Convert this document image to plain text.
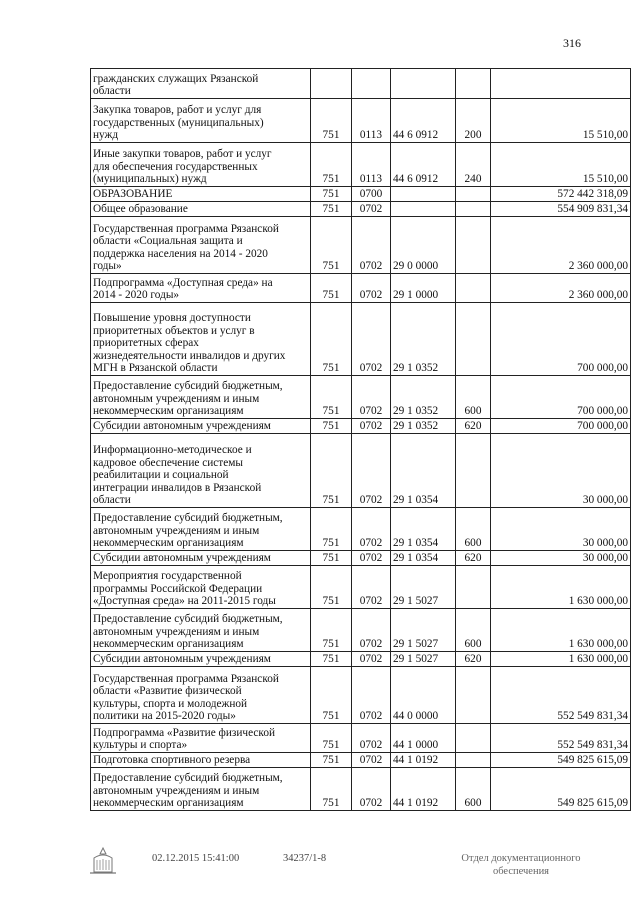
316
гражданских служащих Рязанской
области					
Закупка товаров, работ и услуг для
государственных (муниципальных)
нужд	751	0113	44 6 0912	200	15 510,00
Иные закупки товаров, работ и услуг
для обеспечения государственных
(муниципальных) нужд	751	0113	44 6 0912	240	15 510,00
ОБРАЗОВАНИЕ	751	0700			572 442 318,09
Общее образование	751	0702			554 909 831,34
Государственная программа Рязанской
области «Социальная защита и
поддержка населения на 2014 - 2020
годы»	751	0702	29 0 0000		2 360 000,00
Подпрограмма «Доступная среда» на
2014 - 2020 годы»	751	0702	29 1 0000		2 360 000,00
Повышение уровня доступности
приоритетных объектов и услуг в
приоритетных сферах
жизнедеятельности инвалидов и других
МГН в Рязанской области	751	0702	29 1 0352		700 000,00
Предоставление субсидий бюджетным,
автономным учреждениям и иным
некоммерческим организациям	751	0702	29 1 0352	600	700 000,00
Субсидии автономным учреждениям	751	0702	29 1 0352	620	700 000,00
Информационно-методическое и
кадровое обеспечение системы
реабилитации и социальной
интеграции инвалидов в Рязанской
области	751	0702	29 1 0354		30 000,00
Предоставление субсидий бюджетным,
автономным учреждениям и иным
некоммерческим организациям	751	0702	29 1 0354	600	30 000,00
Субсидии автономным учреждениям	751	0702	29 1 0354	620	30 000,00
Мероприятия государственной
программы Российской Федерации
«Доступная среда» на 2011-2015 годы	751	0702	29 1 5027		1 630 000,00
Предоставление субсидий бюджетным,
автономным учреждениям и иным
некоммерческим организациям	751	0702	29 1 5027	600	1 630 000,00
Субсидии автономным учреждениям	751	0702	29 1 5027	620	1 630 000,00
Государственная программа Рязанской
области «Развитие физической
культуры, спорта и молодежной
политики на 2015-2020 годы»	751	0702	44 0 0000		552 549 831,34
Подпрограмма «Развитие физической
культуры и спорта»	751	0702	44 1 0000		552 549 831,34
Подготовка спортивного резерва	751	0702	44 1 0192		549 825 615,09
Предоставление субсидий бюджетным,
автономным учреждениям и иным
некоммерческим организациям	751	0702	44 1 0192	600	549 825 615,09
02.12.2015 15:41:00	34237/1-8	Отдел документационного
обеспечения
